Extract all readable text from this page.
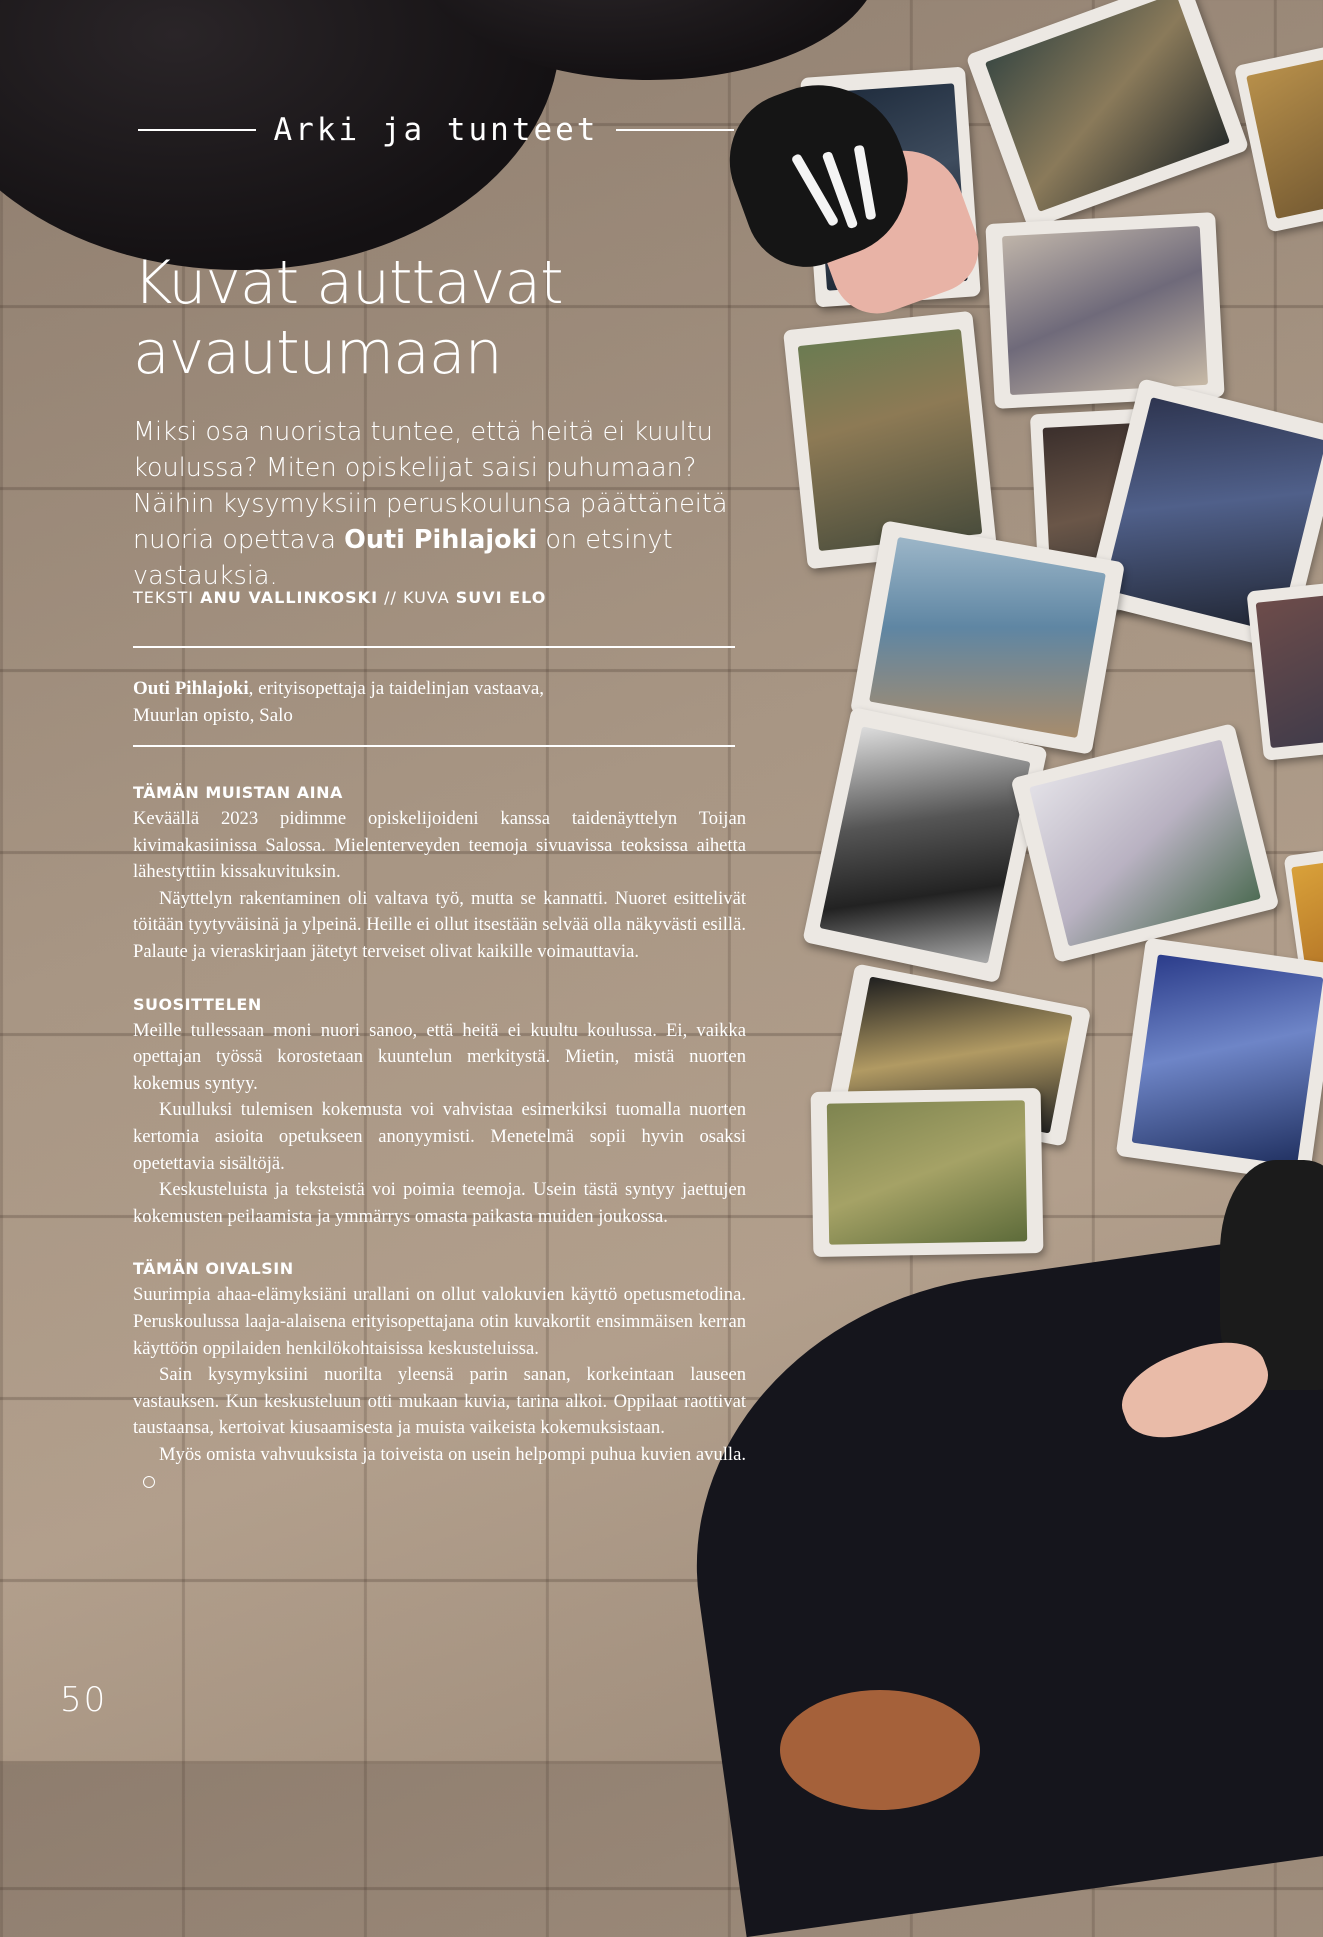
Arki ja tunteet
Kuvat auttavat
avautumaan

Miksi osa nuorista tuntee, että heitä ei kuultu koulussa? Miten opiskelijat saisi puhumaan? Näihin kysymyksiin peruskoulunsa päättäneitä nuoria opettava Outi Pihlajoki on etsinyt vastauksia.

TEKSTI ANU VALLINKOSKI // KUVA SUVI ELO

Outi Pihlajoki, erityisopettaja ja taidelinjan vastaava,
Muurlan opisto, Salo

TÄMÄN MUISTAN AINA

Keväällä 2023 pidimme opiskelijoideni kanssa taidenäyttelyn Toijan kivimakasiinissa Salossa. Mielenterveyden teemoja sivuavissa teoksissa aihetta lähestyttiin kissakuvituksin.

Näyttelyn rakentaminen oli valtava työ, mutta se kannatti. Nuoret esittelivät töitään tyytyväisinä ja ylpeinä. Heille ei ollut itsestään selvää olla näkyvästi esillä. Palaute ja vieraskirjaan jätetyt terveiset olivat kaikille voimauttavia.

SUOSITTELEN

Meille tullessaan moni nuori sanoo, että heitä ei kuultu koulussa. Ei, vaikka opettajan työssä korostetaan kuuntelun merkitystä. Mietin, mistä nuorten kokemus syntyy.

Kuulluksi tulemisen kokemusta voi vahvistaa esimerkiksi tuomalla nuorten kertomia asioita opetukseen anonyymisti. Menetelmä sopii hyvin osaksi opetettavia sisältöjä.

Keskusteluista ja teksteistä voi poimia teemoja. Usein tästä syntyy jaettujen kokemusten peilaamista ja ymmärrys omasta paikasta muiden joukossa.

TÄMÄN OIVALSIN

Suurimpia ahaa-elämyksiäni urallani on ollut valokuvien käyttö opetusmetodina. Peruskoulussa laaja-alaisena erityisopettajana otin kuvakortit ensimmäisen kerran käyttöön oppilaiden henkilökohtaisissa keskusteluissa.

Sain kysymyksiini nuorilta yleensä parin sanan, korkeintaan lauseen vastauksen. Kun keskusteluun otti mukaan kuvia, tarina alkoi. Oppilaat raottivat taustaansa, kertoivat kiusaamisesta ja muista vaikeista kokemuksistaan.

Myös omista vahvuuksista ja toiveista on usein helpompi puhua kuvien avulla.

50
